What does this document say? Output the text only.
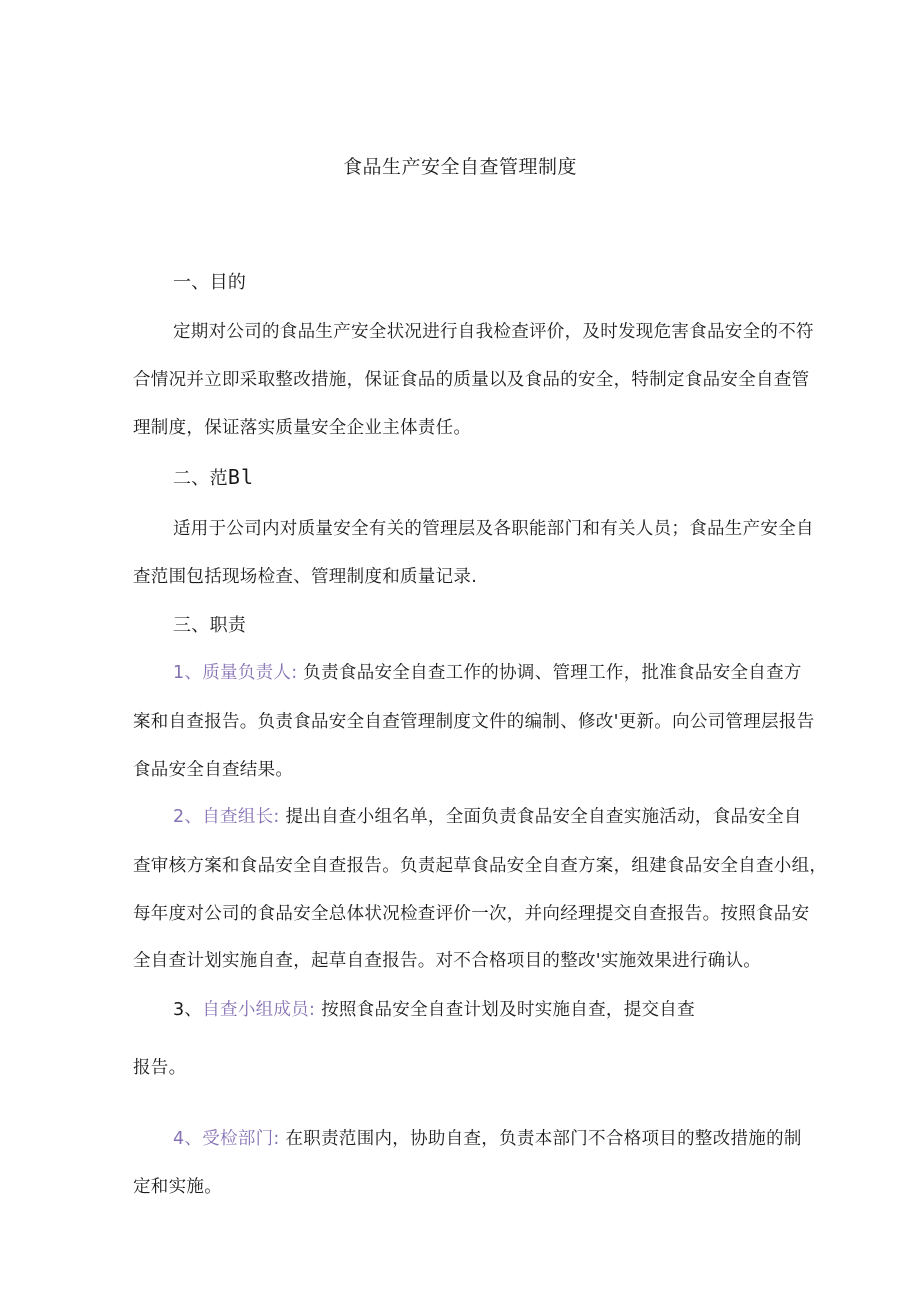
食品生产安全自查管理制度
一、目的
定期对公司的食品生产安全状况进行自我检查评价，及时发现危害食品安全的不符
合情况并立即采取整改措施，保证食品的质量以及食品的安全，特制定食品安全自查管
理制度，保证落实质量安全企业主体责任。
二、范Bl
适用于公司内对质量安全有关的管理层及各职能部门和有关人员；食品生产安全自
查范围包括现场检查、管理制度和质量记录.
三、职责
1、质量负责人: 负责食品安全自查工作的协调、管理工作，批准食品安全自查方
案和自查报告。负责食品安全自查管理制度文件的编制、修改'更新。向公司管理层报告
食品安全自查结果。
2、自查组长: 提出自查小组名单，全面负责食品安全自查实施活动，食品安全自
查审核方案和食品安全自查报告。负责起草食品安全自查方案，组建食品安全自查小组，
每年度对公司的食品安全总体状况检查评价一次，并向经理提交自查报告。按照食品安
全自查计划实施自查，起草自查报告。对不合格项目的整改'实施效果进行确认。
3、自查小组成员: 按照食品安全自查计划及时实施自查，提交自查
报告。
4、受检部门: 在职责范围内，协助自查，负责本部门不合格项目的整改措施的制
定和实施。
